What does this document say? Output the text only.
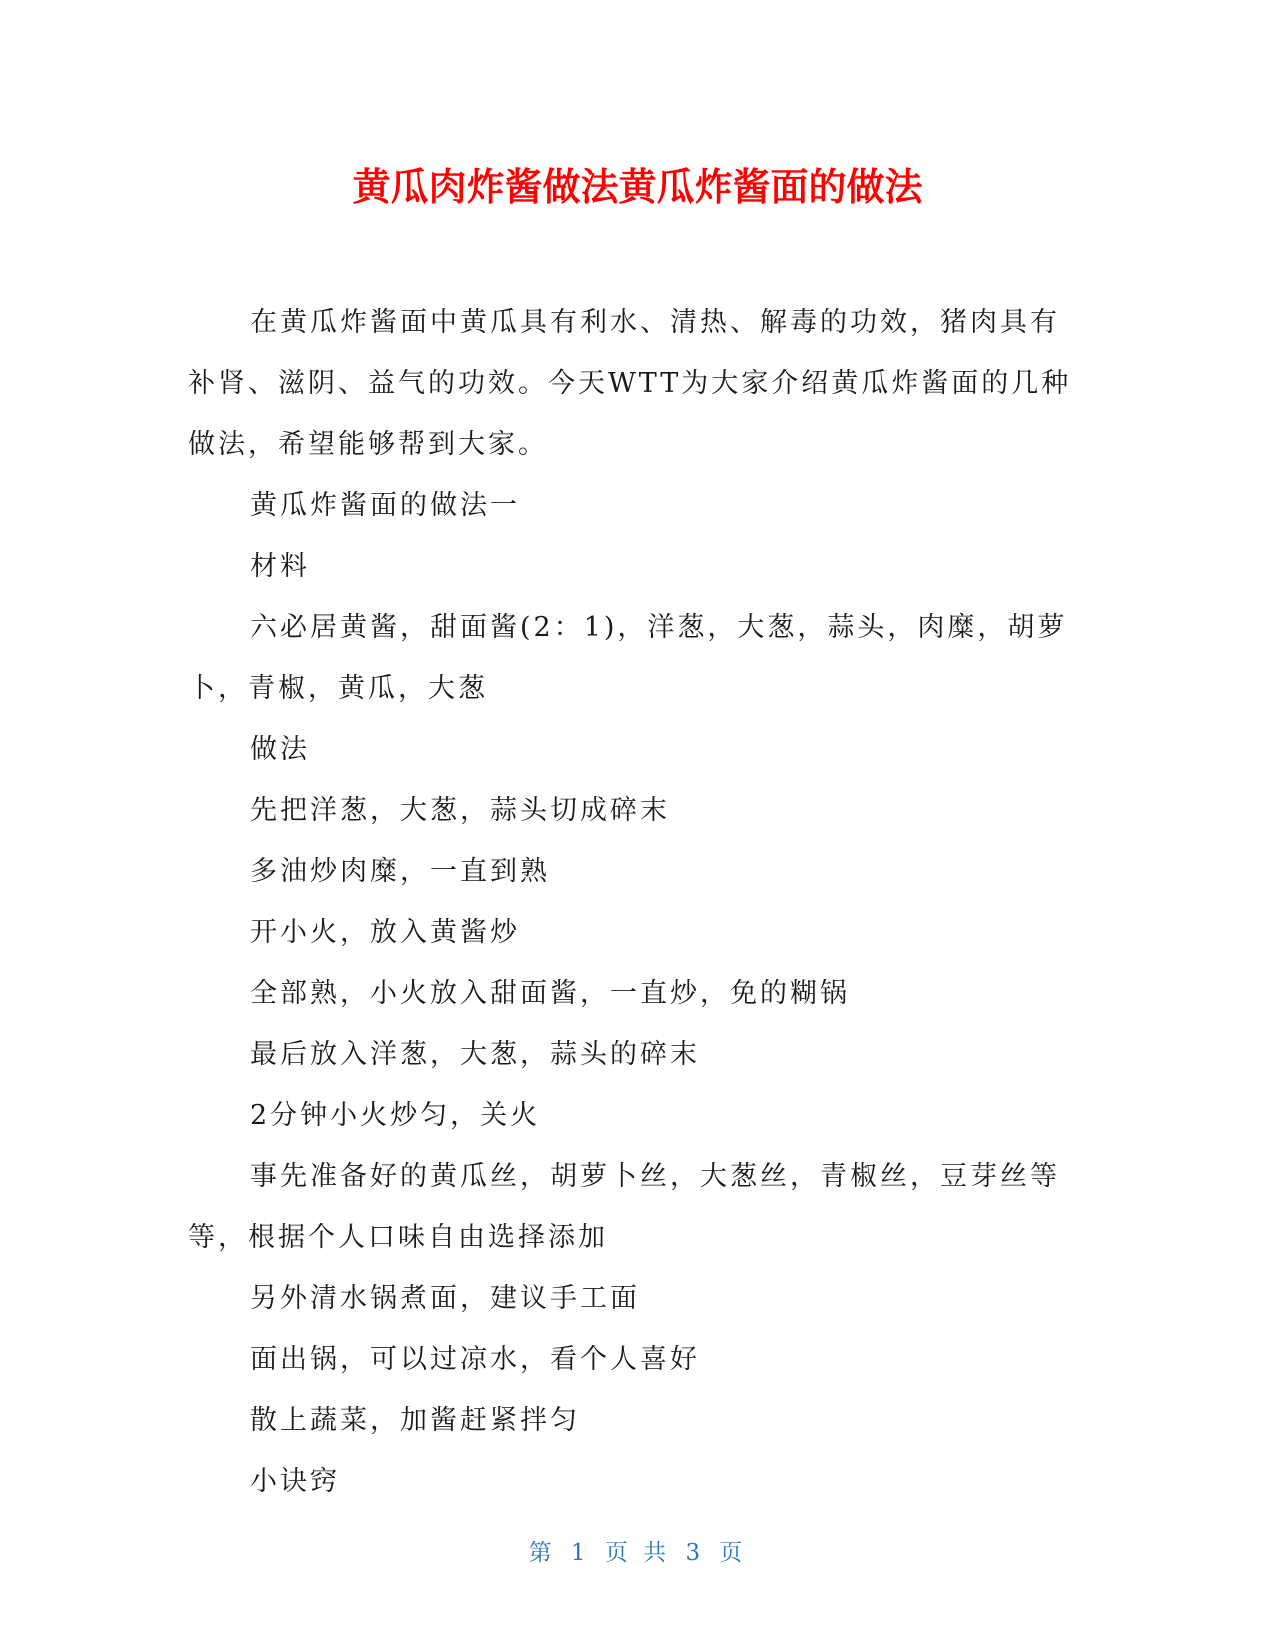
黄瓜肉炸酱做法黄瓜炸酱面的做法

在黄瓜炸酱面中黄瓜具有利水、清热、解毒的功效，猪肉具有补肾、滋阴、益气的功效。今天WTT为大家介绍黄瓜炸酱面的几种做法，希望能够帮到大家。

黄瓜炸酱面的做法一

材料

六必居黄酱，甜面酱(2：1)，洋葱，大葱，蒜头，肉糜，胡萝卜，青椒，黄瓜，大葱

做法

先把洋葱，大葱，蒜头切成碎末

多油炒肉糜，一直到熟

开小火，放入黄酱炒

全部熟，小火放入甜面酱，一直炒，免的糊锅

最后放入洋葱，大葱，蒜头的碎末

2分钟小火炒匀，关火

事先准备好的黄瓜丝，胡萝卜丝，大葱丝，青椒丝，豆芽丝等等，根据个人口味自由选择添加

另外清水锅煮面，建议手工面

面出锅，可以过凉水，看个人喜好

散上蔬菜，加酱赶紧拌匀

小诀窍

第 1 页 共 3 页
